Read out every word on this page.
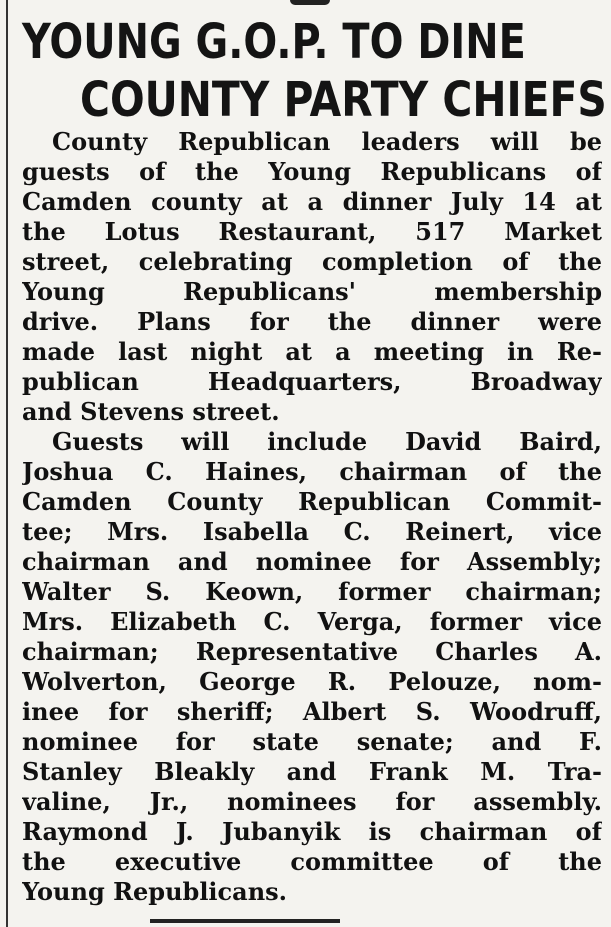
YOUNG G.O.P. TO DINE
COUNTY PARTY CHIEFS
County Republican leaders will be
guests of the Young Republicans of
Camden county at a dinner July 14 at
the Lotus Restaurant, 517 Market
street, celebrating completion of the
Young Republicans' membership
drive. Plans for the dinner were
made last night at a meeting in Re-
publican Headquarters, Broadway
and Stevens street.
Guests will include David Baird,
Joshua C. Haines, chairman of the
Camden County Republican Commit-
tee; Mrs. Isabella C. Reinert, vice
chairman and nominee for Assembly;
Walter S. Keown, former chairman;
Mrs. Elizabeth C. Verga, former vice
chairman; Representative Charles A.
Wolverton, George R. Pelouze, nom-
inee for sheriff; Albert S. Woodruff,
nominee for state senate; and F.
Stanley Bleakly and Frank M. Tra-
valine, Jr., nominees for assembly.
Raymond J. Jubanyik is chairman of
the executive committee of the
Young Republicans.
